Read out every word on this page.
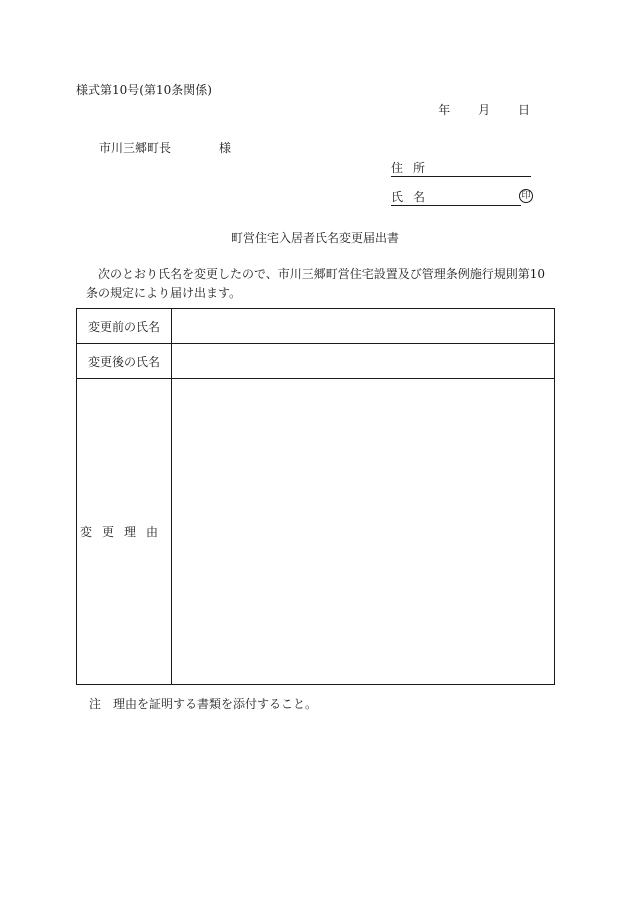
様式第10号(第10条関係)
年 月 日
市川三郷町長	様
住所
氏名	印
町営住宅入居者氏名変更届出書
次のとおり氏名を変更したので、市川三郷町営住宅設置及び管理条例施行規則第10条の規定により届け出ます。
変更前の氏名	
変更後の氏名	
変更理由	
注　理由を証明する書類を添付すること。
